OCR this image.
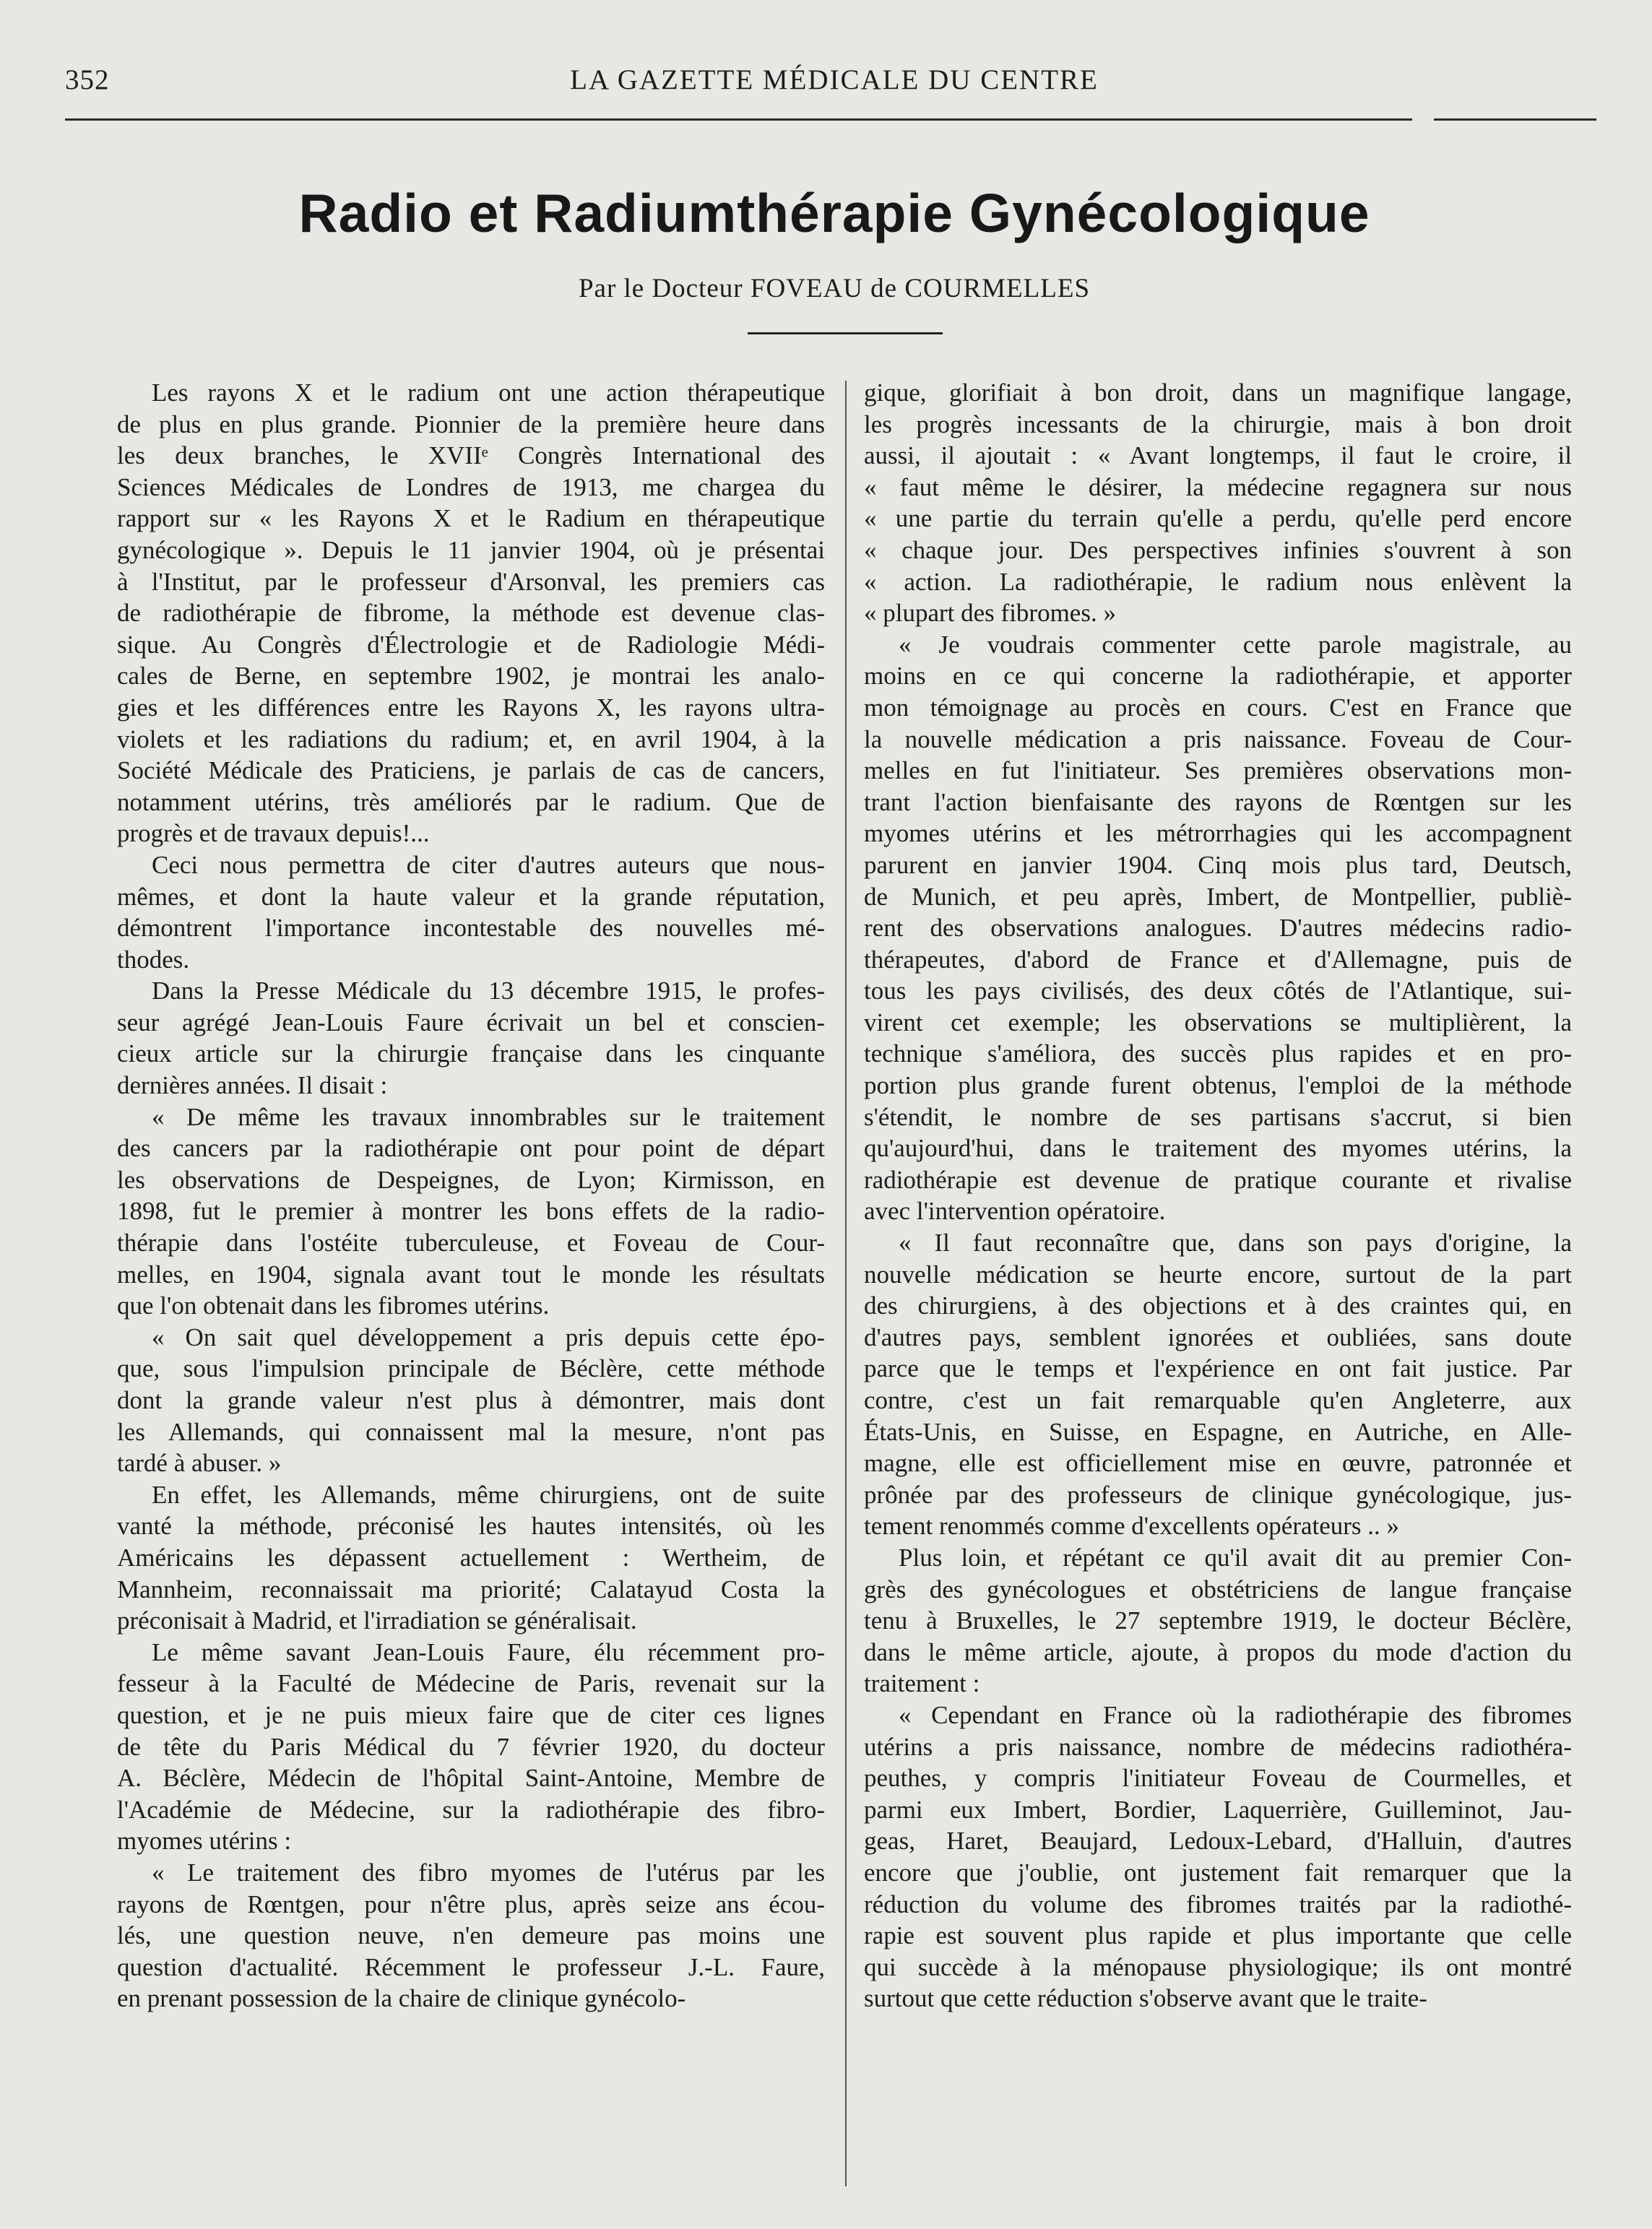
352	LA GAZETTE MÉDICALE DU CENTRE
Radio et Radiumthérapie Gynécologique
Par le Docteur FOVEAU de COURMELLES

Les rayons X et le radium ont une action thérapeutique
de plus en plus grande. Pionnier de la première heure dans
les deux branches, le XVIIᵉ Congrès International des
Sciences Médicales de Londres de 1913, me chargea du
rapport sur « les Rayons X et le Radium en thérapeutique
gynécologique ». Depuis le 11 janvier 1904, où je présentai
à l'Institut, par le professeur d'Arsonval, les premiers cas
de radiothérapie de fibrome, la méthode est devenue clas-
sique. Au Congrès d'Électrologie et de Radiologie Médi-
cales de Berne, en septembre 1902, je montrai les analo-
gies et les différences entre les Rayons X, les rayons ultra-
violets et les radiations du radium; et, en avril 1904, à la
Société Médicale des Praticiens, je parlais de cas de cancers,
notamment utérins, très améliorés par le radium. Que de
progrès et de travaux depuis!...

Ceci nous permettra de citer d'autres auteurs que nous-
mêmes, et dont la haute valeur et la grande réputation,
démontrent l'importance incontestable des nouvelles mé-
thodes.

Dans la Presse Médicale du 13 décembre 1915, le profes-
seur agrégé Jean-Louis Faure écrivait un bel et conscien-
cieux article sur la chirurgie française dans les cinquante
dernières années. Il disait :

« De même les travaux innombrables sur le traitement
des cancers par la radiothérapie ont pour point de départ
les observations de Despeignes, de Lyon; Kirmisson, en
1898, fut le premier à montrer les bons effets de la radio-
thérapie dans l'ostéite tuberculeuse, et Foveau de Cour-
melles, en 1904, signala avant tout le monde les résultats
que l'on obtenait dans les fibromes utérins.

« On sait quel développement a pris depuis cette épo-
que, sous l'impulsion principale de Béclère, cette méthode
dont la grande valeur n'est plus à démontrer, mais dont
les Allemands, qui connaissent mal la mesure, n'ont pas
tardé à abuser. »

En effet, les Allemands, même chirurgiens, ont de suite
vanté la méthode, préconisé les hautes intensités, où les
Américains les dépassent actuellement : Wertheim, de
Mannheim, reconnaissait ma priorité; Calatayud Costa la
préconisait à Madrid, et l'irradiation se généralisait.

Le même savant Jean-Louis Faure, élu récemment pro-
fesseur à la Faculté de Médecine de Paris, revenait sur la
question, et je ne puis mieux faire que de citer ces lignes
de tête du Paris Médical du 7 février 1920, du docteur
A. Béclère, Médecin de l'hôpital Saint-Antoine, Membre de
l'Académie de Médecine, sur la radiothérapie des fibro-
myomes utérins :

« Le traitement des fibro myomes de l'utérus par les
rayons de Rœntgen, pour n'être plus, après seize ans écou-
lés, une question neuve, n'en demeure pas moins une
question d'actualité. Récemment le professeur J.-L. Faure,
en prenant possession de la chaire de clinique gynécolo-

gique, glorifiait à bon droit, dans un magnifique langage,
les progrès incessants de la chirurgie, mais à bon droit
aussi, il ajoutait : « Avant longtemps, il faut le croire, il
« faut même le désirer, la médecine regagnera sur nous
« une partie du terrain qu'elle a perdu, qu'elle perd encore
« chaque jour. Des perspectives infinies s'ouvrent à son
« action. La radiothérapie, le radium nous enlèvent la
« plupart des fibromes. »

« Je voudrais commenter cette parole magistrale, au
moins en ce qui concerne la radiothérapie, et apporter
mon témoignage au procès en cours. C'est en France que
la nouvelle médication a pris naissance. Foveau de Cour-
melles en fut l'initiateur. Ses premières observations mon-
trant l'action bienfaisante des rayons de Rœntgen sur les
myomes utérins et les métrorrhagies qui les accompagnent
parurent en janvier 1904. Cinq mois plus tard, Deutsch,
de Munich, et peu après, Imbert, de Montpellier, publiè-
rent des observations analogues. D'autres médecins radio-
thérapeutes, d'abord de France et d'Allemagne, puis de
tous les pays civilisés, des deux côtés de l'Atlantique, sui-
virent cet exemple; les observations se multiplièrent, la
technique s'améliora, des succès plus rapides et en pro-
portion plus grande furent obtenus, l'emploi de la méthode
s'étendit, le nombre de ses partisans s'accrut, si bien
qu'aujourd'hui, dans le traitement des myomes utérins, la
radiothérapie est devenue de pratique courante et rivalise
avec l'intervention opératoire.

« Il faut reconnaître que, dans son pays d'origine, la
nouvelle médication se heurte encore, surtout de la part
des chirurgiens, à des objections et à des craintes qui, en
d'autres pays, semblent ignorées et oubliées, sans doute
parce que le temps et l'expérience en ont fait justice. Par
contre, c'est un fait remarquable qu'en Angleterre, aux
États-Unis, en Suisse, en Espagne, en Autriche, en Alle-
magne, elle est officiellement mise en œuvre, patronnée et
prônée par des professeurs de clinique gynécologique, jus-
tement renommés comme d'excellents opérateurs .. »

Plus loin, et répétant ce qu'il avait dit au premier Con-
grès des gynécologues et obstétriciens de langue française
tenu à Bruxelles, le 27 septembre 1919, le docteur Béclère,
dans le même article, ajoute, à propos du mode d'action du
traitement :

« Cependant en France où la radiothérapie des fibromes
utérins a pris naissance, nombre de médecins radiothéra-
peuthes, y compris l'initiateur Foveau de Courmelles, et
parmi eux Imbert, Bordier, Laquerrière, Guilleminot, Jau-
geas, Haret, Beaujard, Ledoux-Lebard, d'Halluin, d'autres
encore que j'oublie, ont justement fait remarquer que la
réduction du volume des fibromes traités par la radiothé-
rapie est souvent plus rapide et plus importante que celle
qui succède à la ménopause physiologique; ils ont montré
surtout que cette réduction s'observe avant que le traite-
